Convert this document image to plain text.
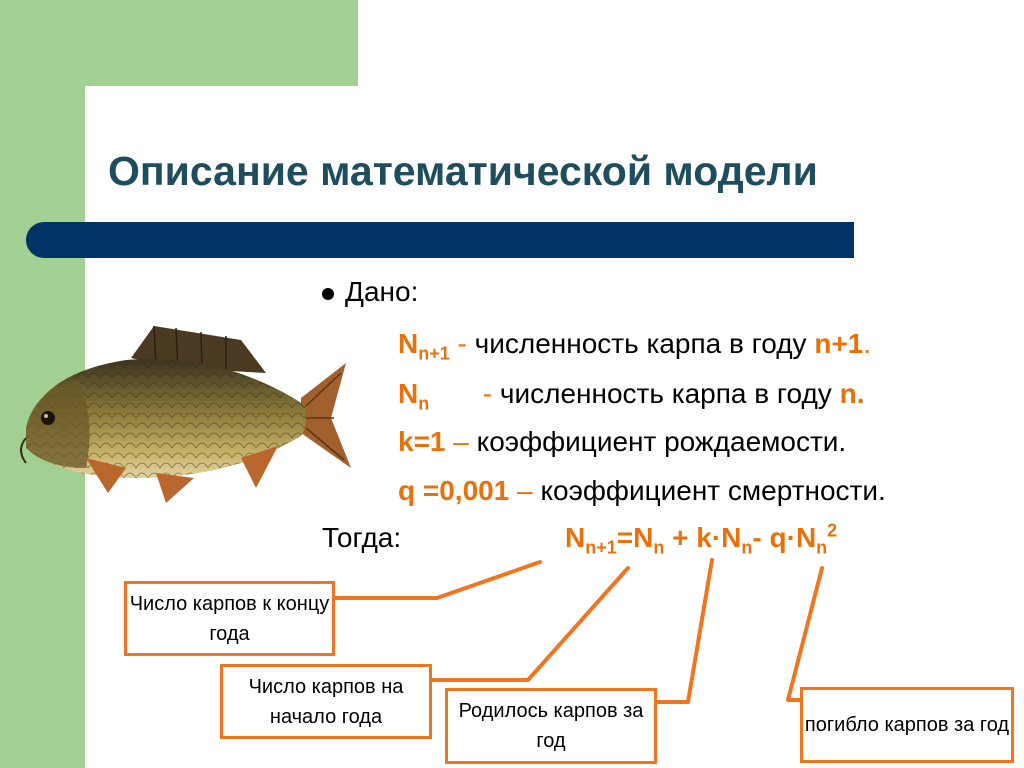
Описание математической модели
Дано:
$N_{n+1}$ - численность карпа в году n+1.
$N_n$ - численность карпа в году n.
k=1 – коэффициент рождаемости.
q =0,001 – коэффициент смертности.
Тогда:	$N_{n+1}=N_n + k\cdot N_n-$ $q\cdot N_n^2$
Число карпов к концу года
Число карпов на начало года	Родилось карпов за год
погибло карпов за год
